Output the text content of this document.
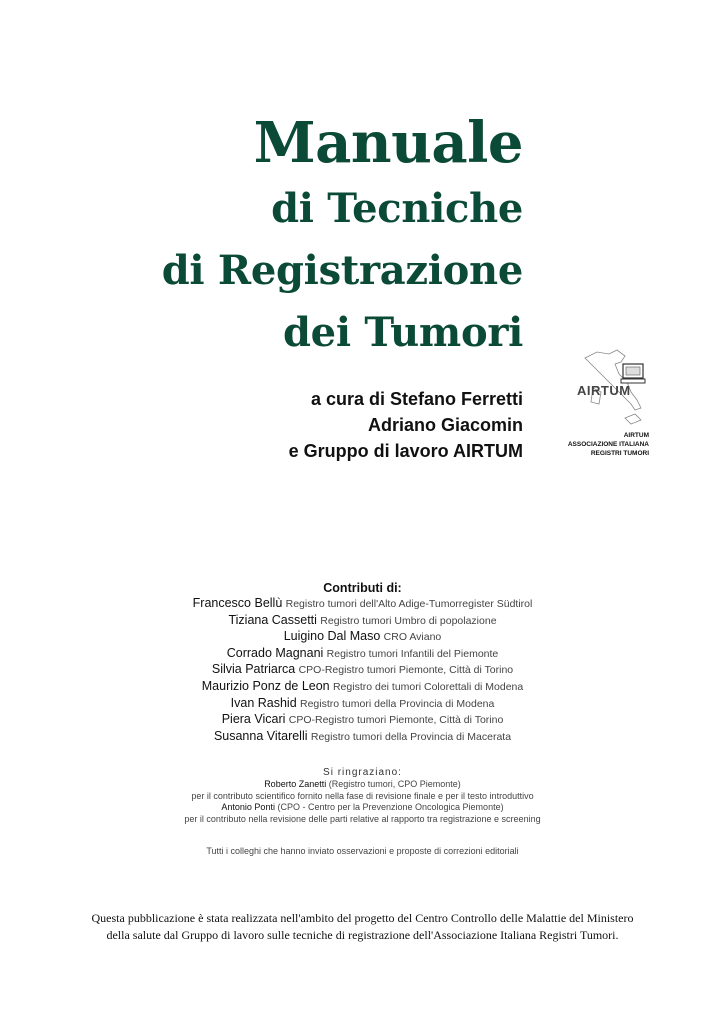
Manuale
di Tecniche
di Registrazione
dei Tumori
a cura di Stefano Ferretti
Adriano Giacomin
e Gruppo di lavoro AIRTUM
AIRTUM
AIRTUM
ASSOCIAZIONE ITALIANA
REGISTRI TUMORI
Contributi di:
Francesco Bellù Registro tumori dell'Alto Adige-Tumorregister Südtirol
Tiziana Cassetti Registro tumori Umbro di popolazione
Luigino Dal Maso CRO Aviano
Corrado Magnani Registro tumori Infantili del Piemonte
Silvia Patriarca CPO-Registro tumori Piemonte, Città di Torino
Maurizio Ponz de Leon Registro dei tumori Colorettali di Modena
Ivan Rashid Registro tumori della Provincia di Modena
Piera Vicari CPO-Registro tumori Piemonte, Città di Torino
Susanna Vitarelli Registro tumori della Provincia di Macerata
Si ringraziano:
Roberto Zanetti (Registro tumori, CPO Piemonte)
per il contributo scientifico fornito nella fase di revisione finale e per il testo introduttivo
Antonio Ponti (CPO - Centro per la Prevenzione Oncologica Piemonte)
per il contributo nella revisione delle parti relative al rapporto tra registrazione e screening
Tutti i colleghi che hanno inviato osservazioni e proposte di correzioni editoriali
Questa pubblicazione è stata realizzata nell'ambito del progetto del Centro Controllo delle Malattie del Ministero
della salute dal Gruppo di lavoro sulle tecniche di registrazione dell'Associazione Italiana Registri Tumori.
